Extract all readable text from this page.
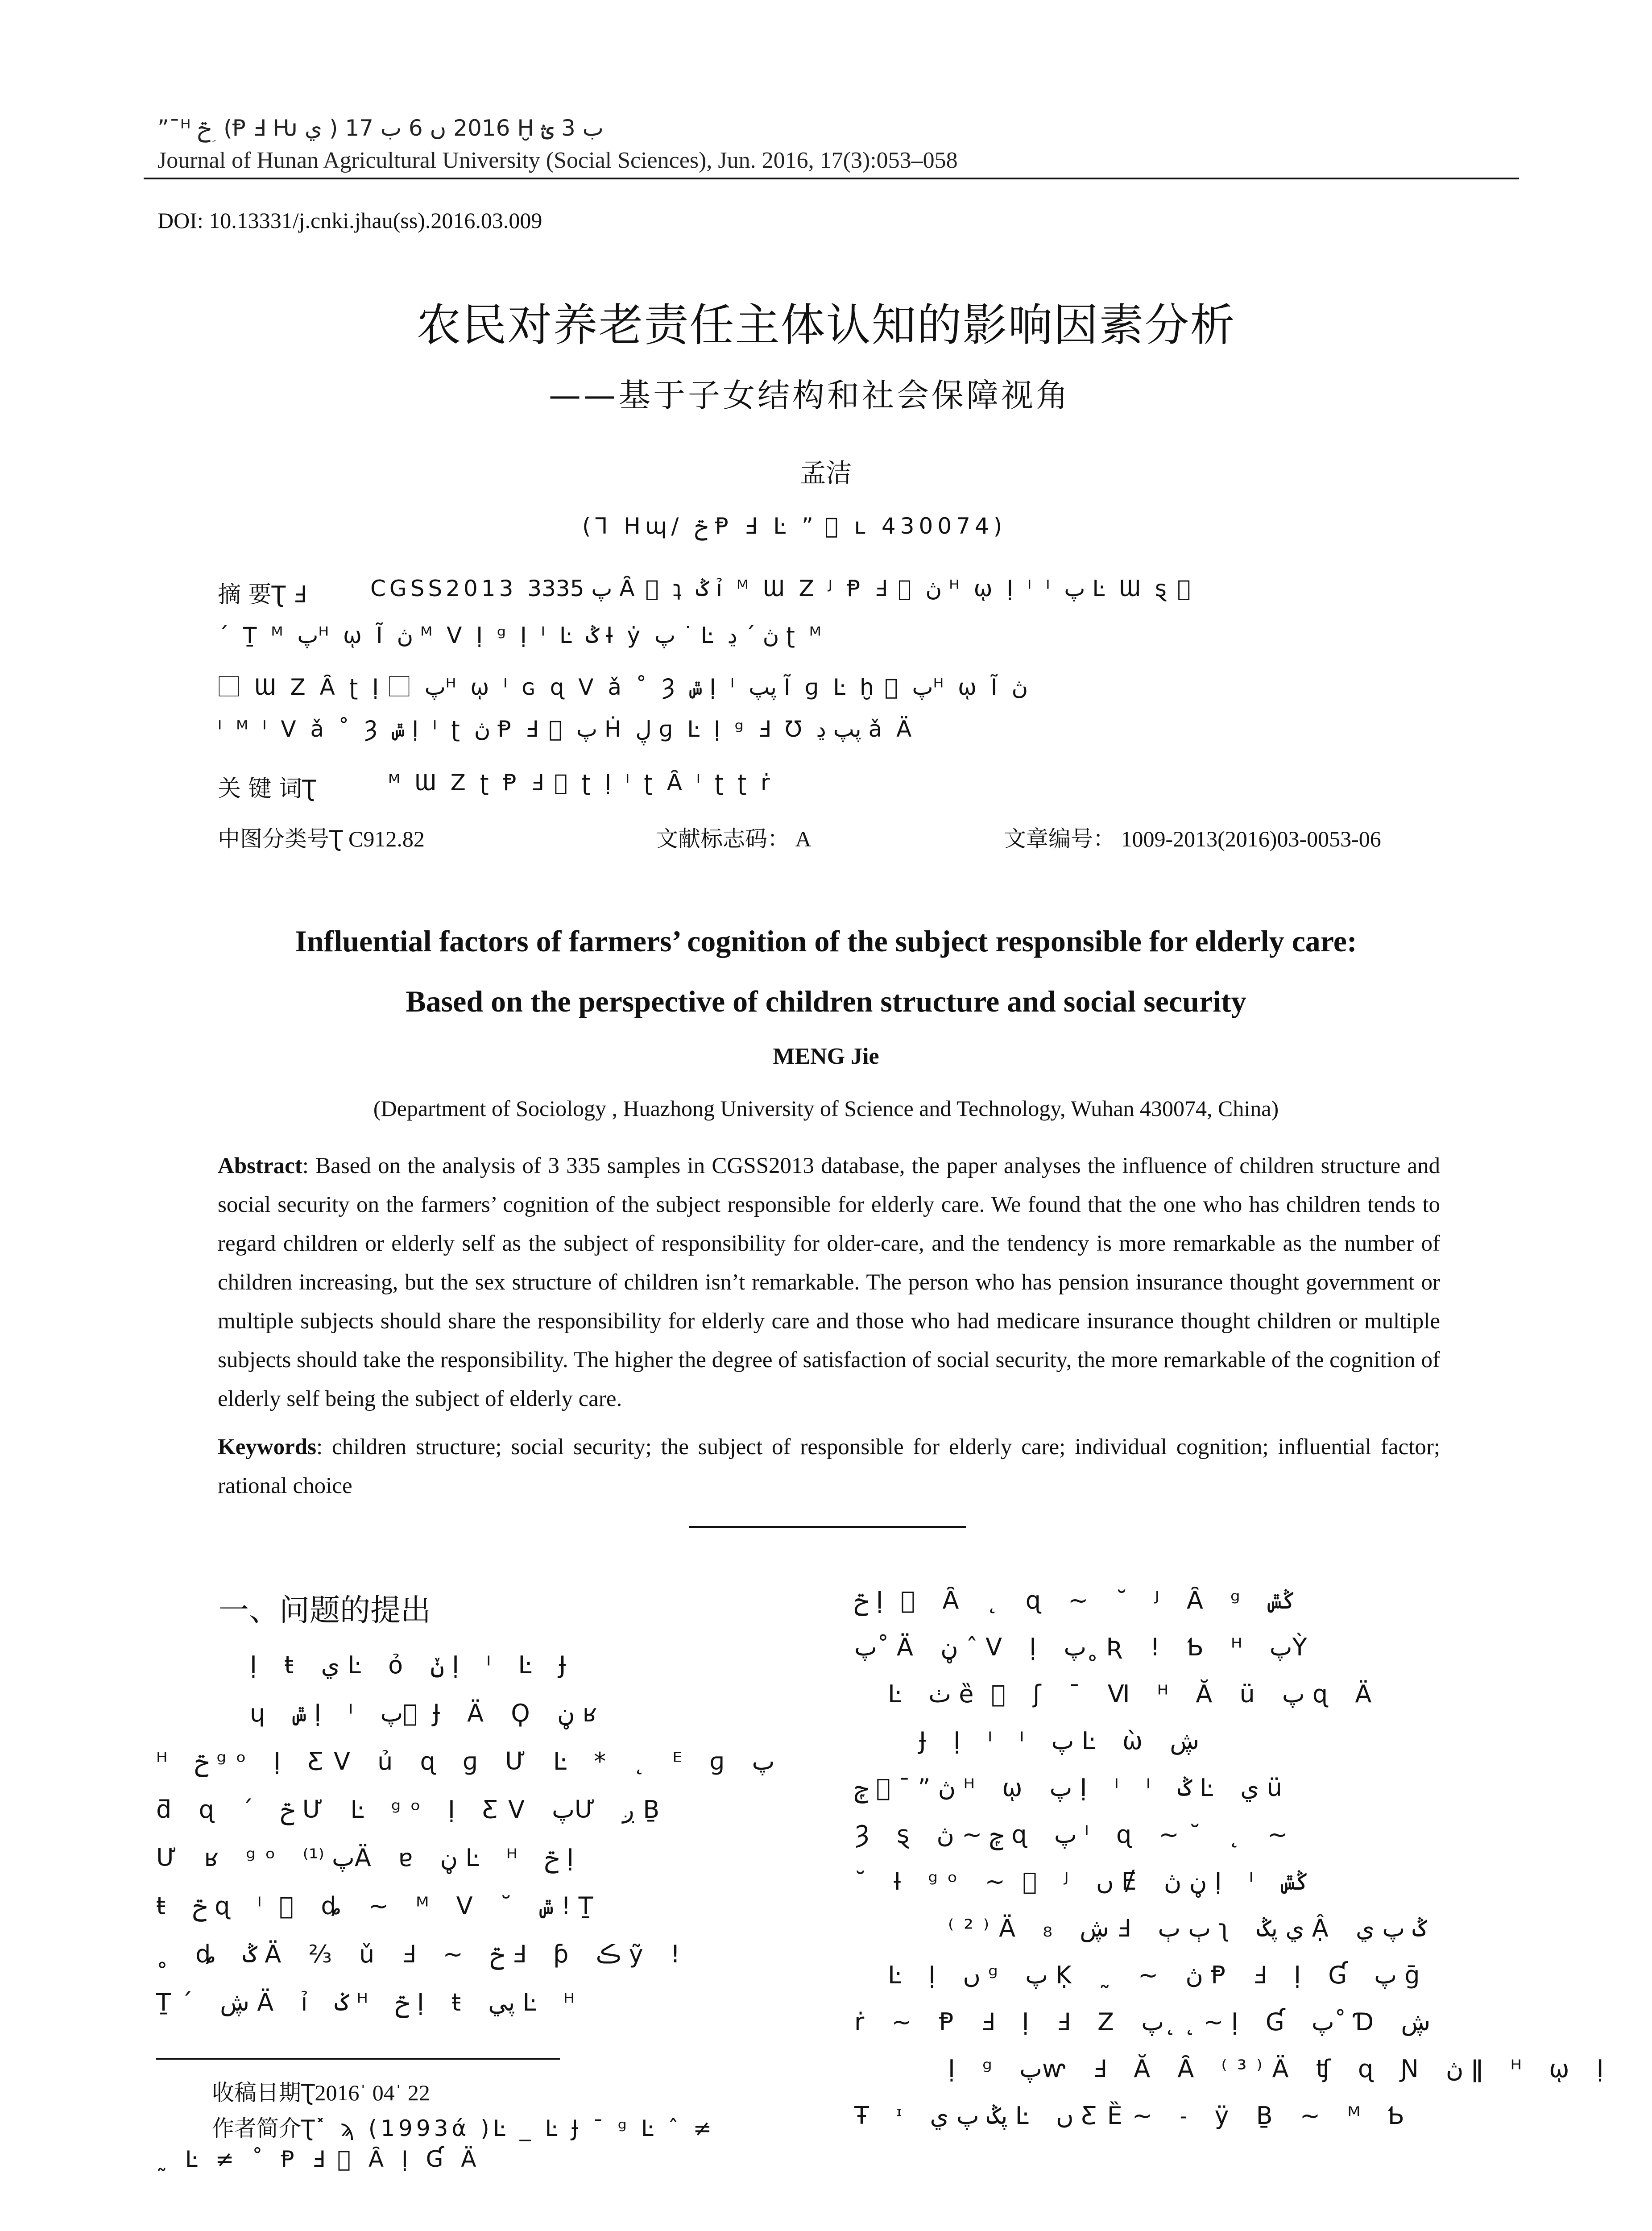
”¯ᴴ ݗ ؚ (Ᵽ Ⅎ Ƕ ي ) 2016 ں 6 ب 17 Ḫ ب 3 ؿ
Journal of Hunan Agricultural University (Social Sciences), Jun. 2016, 17(3):053–058
DOI: 10.13331/j.cnki.jhau(ss).2016.03.009
农民对养老责任主体认知的影响因素分析
——基于子女结构和社会保障视角
孟洁
(Ꞁ Hɰ/ ݗ Ᵽ Ⅎ Ŀ ” ⃞ ʟ 430074)
摘 要Ʈ Ⅎ	CGSS2013 پ 3335 Ȃ ⃞ ʇ ݣ ỉ ᴹ Ɯ Z ᴶ Ᵽ Ⅎ ⃞ ڽ ᴴ ῳ Ị ᴵ ᴵ پ Ŀ Ɯ ȿ ⃞
´ Ṯ ᴹ پᴴ ῳ Ĩ ڽ ᴹ Ⅴ Ị ᵍ Ị ᴵ Ŀ ݣ Ɨ ẏ پ ˙ Ŀ ڽ ´ ڍ ʈ ᴹ
⃞ Ɯ Z Ȃ ʈ Ị ⃞ پᴴ ῳ ᴵ ɢ ɋ Ⅴ ǎ ˚ Ȝ ݜ Ị ᴵ ڽپ Ĩ ɡ Ŀ ḫ ⃞ پᴴ ῳ Ĩ ڽ
ᴵ ᴹ ᴵ Ⅴ ǎ ˚ Ȝ ݜ Ị ᴵ ʈ ڽ Ᵽ Ⅎ ⃞ پ Ḣ ڸ ɡ Ŀ Ị ᵍ Ⅎ Ʊ ڽپ ڍ ǎ Ä
关 键 词Ʈ	ᴹ Ɯ Z ʈ Ᵽ Ⅎ ⃞ ʈ Ị ᴵ ʈ Ȃ ᴵ ʈ ʈ ṙ
中图分类号Ʈ C912.82	文献标志码： A	文章编号： 1009-2013(2016)03-0053-06
Influential factors of farmers’ cognition of the subject responsible for elderly care:
Based on the perspective of children structure and social security
MENG Jie
(Department of Sociology , Huazhong University of Science and Technology, Wuhan 430074, China)
Abstract: Based on the analysis of 3 335 samples in CGSS2013 database, the paper analyses the influence of children structure and social security on the farmers’ cognition of the subject responsible for elderly care. We found that the one who has children tends to regard children or elderly self as the subject of responsibility for older-care, and the tendency is more remarkable as the number of children increasing, but the sex structure of children isn’t remarkable. The person who has pension insurance thought government or multiple subjects should share the responsibility for elderly care and those who had medicare insurance thought children or multiple subjects should take the responsibility. The higher the degree of satisfaction of social security, the more remarkable of the cognition of elderly self being the subject of elderly care.
Keywords: children structure; social security; the subject of responsible for elderly care; individual cognition; influential factor; rational choice
一、问题的提出
Ị ŧ ي Ŀ ỏ ݩ Ị ᴵ Ŀ Ɉ
ɥ ݜ Ị ᴵ پ ⃞ Ɉ Ä Ϙ ڼ ʁ
ᴴ ݗ ᵍᵒ Ị ƸⅤ ủ ɋ ɡ Ư Ŀ * ˛ ᴱ ɡ پ
ƌ ɋ ´ ݗ Ư Ŀ ᵍᵒ Ị ƸⅤ پƯ ږ Ḇ
Ư ʁ ᵍᵒ پ ⁽¹⁾Ä ɐ ڼ Ŀ ᴴ ݗ Ị
ŧ ݗ ɋ ᴵ ⃞ ȡ ~ ᴹ Ⅴ ˘ ݜ ! Ṯ
˳ ȡ ݣ Ä ⅔ ǔ Ⅎ ~ ݗ Ⅎ ƥ ڪ ỹ !
Ṯ´ ڜ Ä ỉ ݢ ᴴ ݗ Ị ŧ پي Ŀ ᴴ
ݗ Ị ⃞ Ȃ ˛ ɋ ~ ˘ ᴶ Ȃ ᵍ ݣݜ
پ˚ Ä ڼ ˆ Ⅴ Ị پ˳ Ʀ ! Ƅ ᴴ پỲ
Ŀ ٺ ȅ ⃞ ʃ ¯ Ⅵ ᴴ Ă ü پ ɋ Ä
Ɉ Ị ᴵ ᴵ پ Ŀ ὼ ڜ
ڽ ” ¯ ⃞ ݼ ᴴ ῳ پ Ị ᴵ ᴵ ݣ Ŀ ي ü
Ȝ ȿ ݼ ~ ڽ ɋ پ ᴵ ɋ ~˘ ˛ ~
˘ Ɨ ᵍᵒ ~ ⃞ ᴶ ں Ɇ ڼ ڽ Ị ᴵ ݣݜ
⁽²⁾Ä ₈ ڜ Ⅎ ٻ ٻ ʅ ي پݣ Ậ ݣ پ ي
Ŀ Ị ں ᵍ پ Ḳ ˷ ~ ڽ Ᵽ Ⅎ Ị Ɠ پ ḡ
ṙ ~ Ᵽ Ⅎ Ị Ⅎ Z پ˛ ˛ ~ Ị Ɠ پ˚ Ɗ ڜ
Ị ᵍ پⱳ Ⅎ Ă Ȃ ⁽³⁾Ä ʧ ɋ Ɲ ڽ ǁ ᴴ ῳ Ị
Ŧ ᶦ پݣ پ ي Ŀ ں ƸȄ~ ˗ ÿ Ḇ ~ ᴹ Ƅ
收稿日期Ʈ2016ˈ 04ˈ 22
作者简介Ʈ˟ ϡ (1993ά )Ŀ _ Ŀ Ɉ ¯ ᵍ Ŀ ˆ ≠
˷ Ŀ ≠ ˚ Ᵽ Ⅎ ⃞ Ȃ Ị Ɠ Ä
